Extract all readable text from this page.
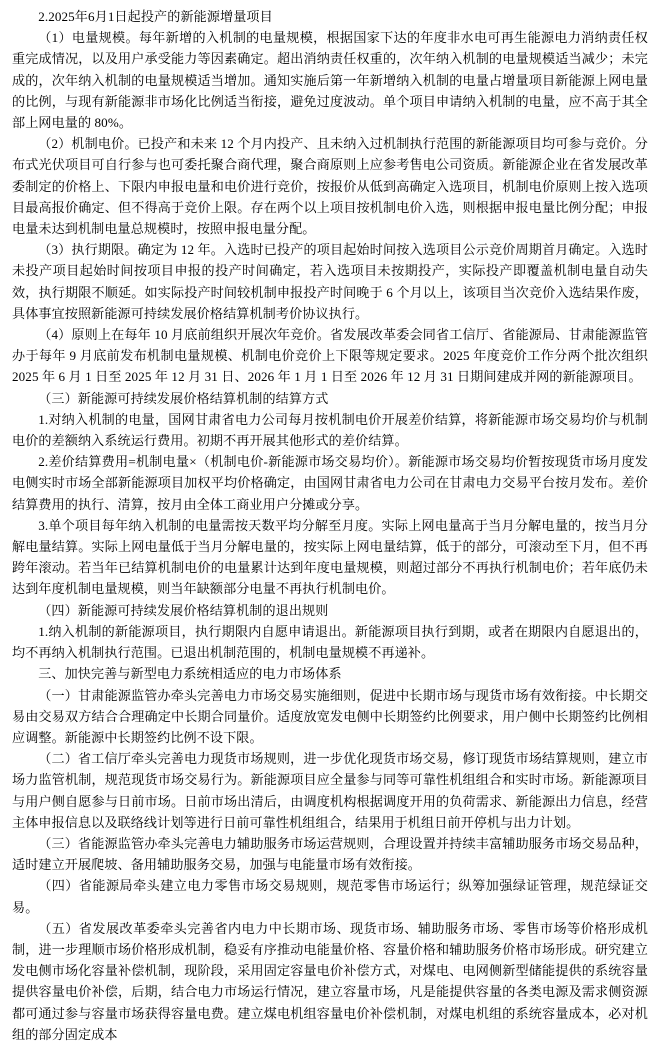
2.2025年6月1日起投产的新能源增量项目

（1）电量规模。每年新增的入机制的电量规模，根据国家下达的年度非水电可再生能源电力消纳责任权重完成情况，以及用户承受能力等因素确定。超出消纳责任权重的，次年纳入机制的电量规模适当减少；未完成的，次年纳入机制的电量规模适当增加。通知实施后第一年新增纳入机制的电量占增量项目新能源上网电量的比例，与现有新能源非市场化比例适当衔接，避免过度波动。单个项目申请纳入机制的电量，应不高于其全部上网电量的 80%。

（2）机制电价。已投产和未来 12 个月内投产、且未纳入过机制执行范围的新能源项目均可参与竞价。分布式光伏项目可自行参与也可委托聚合商代理，聚合商原则上应参考售电公司资质。新能源企业在省发展改革委制定的价格上、下限内申报电量和电价进行竞价，按报价从低到高确定入选项目，机制电价原则上按入选项目最高报价确定、但不得高于竞价上限。存在两个以上项目按机制电价入选，则根据申报电量比例分配；申报电量未达到机制电量总规模时，按照申报电量分配。

（3）执行期限。确定为 12 年。入选时已投产的项目起始时间按入选项目公示竞价周期首月确定。入选时未投产项目起始时间按项目申报的投产时间确定，若入选项目未按期投产，实际投产即覆盖机制电量自动失效，执行期限不顺延。如实际投产时间较机制申报投产时间晚于 6 个月以上，该项目当次竞价入选结果作废，具体事宜按照新能源可持续发展价格结算机制考价协议执行。

（4）原则上在每年 10 月底前组织开展次年竞价。省发展改革委会同省工信厅、省能源局、甘肃能源监管办于每年 9 月底前发布机制电量规模、机制电价竞价上下限等规定要求。2025 年度竞价工作分两个批次组织 2025 年 6 月 1 日至 2025 年 12 月 31 日、2026 年 1 月 1 日至 2026 年 12 月 31 日期间建成并网的新能源项目。

（三）新能源可持续发展价格结算机制的结算方式

1.对纳入机制的电量，国网甘肃省电力公司每月按机制电价开展差价结算，将新能源市场交易均价与机制电价的差额纳入系统运行费用。初期不再开展其他形式的差价结算。

2.差价结算费用=机制电量×（机制电价-新能源市场交易均价）。新能源市场交易均价暂按现货市场月度发电侧实时市场全部新能源项目加权平均价格确定，由国网甘肃省电力公司在甘肃电力交易平台按月发布。差价结算费用的执行、清算，按月由全体工商业用户分摊或分享。

3.单个项目每年纳入机制的电量需按天数平均分解至月度。实际上网电量高于当月分解电量的，按当月分解电量结算。实际上网电量低于当月分解电量的，按实际上网电量结算，低于的部分，可滚动至下月，但不再跨年滚动。若当年已结算机制电价的电量累计达到年度电量规模，则超过部分不再执行机制电价；若年底仍未达到年度机制电量规模，则当年缺额部分电量不再执行机制电价。

（四）新能源可持续发展价格结算机制的退出规则

1.纳入机制的新能源项目，执行期限内自愿申请退出。新能源项目执行到期，或者在期限内自愿退出的，均不再纳入机制执行范围。已退出机制范围的，机制电量规模不再递补。

三、加快完善与新型电力系统相适应的电力市场体系

（一）甘肃能源监管办牵头完善电力市场交易实施细则，促进中长期市场与现货市场有效衔接。中长期交易由交易双方结合合理确定中长期合同量价。适度放宽发电侧中长期签约比例要求，用户侧中长期签约比例相应调整。新能源中长期签约比例不设下限。

（二）省工信厅牵头完善电力现货市场规则，进一步优化现货市场交易，修订现货市场结算规则，建立市场力监管机制，规范现货市场交易行为。新能源项目应全量参与同等可靠性机组组合和实时市场。新能源项目与用户侧自愿参与日前市场。日前市场出清后，由调度机构根据调度开用的负荷需求、新能源出力信息，经营主体申报信息以及联络线计划等进行日前可靠性机组组合，结果用于机组日前开停机与出力计划。

（三）省能源监管办牵头完善电力辅助服务市场运营规则，合理设置并持续丰富辅助服务市场交易品种，适时建立开展爬坡、备用辅助服务交易，加强与电能量市场有效衔接。

（四）省能源局牵头建立电力零售市场交易规则，规范零售市场运行；纵筹加强绿证管理，规范绿证交易。

（五）省发展改革委牵头完善省内电力中长期市场、现货市场、辅助服务市场、零售市场等价格形成机制，进一步理顺市场价格形成机制，稳妥有序推动电能量价格、容量价格和辅助服务价格市场形成。研究建立发电侧市场化容量补偿机制，现阶段，采用固定容量电价补偿方式，对煤电、电网侧新型储能提供的系统容量提供容量电价补偿，后期，结合电力市场运行情况，建立容量市场，凡是能提供容量的各类电源及需求侧资源都可通过参与容量市场获得容量电费。建立煤电机组容量电价补偿机制，对煤电机组的系统容量成本，必对机组的部分固定成本
